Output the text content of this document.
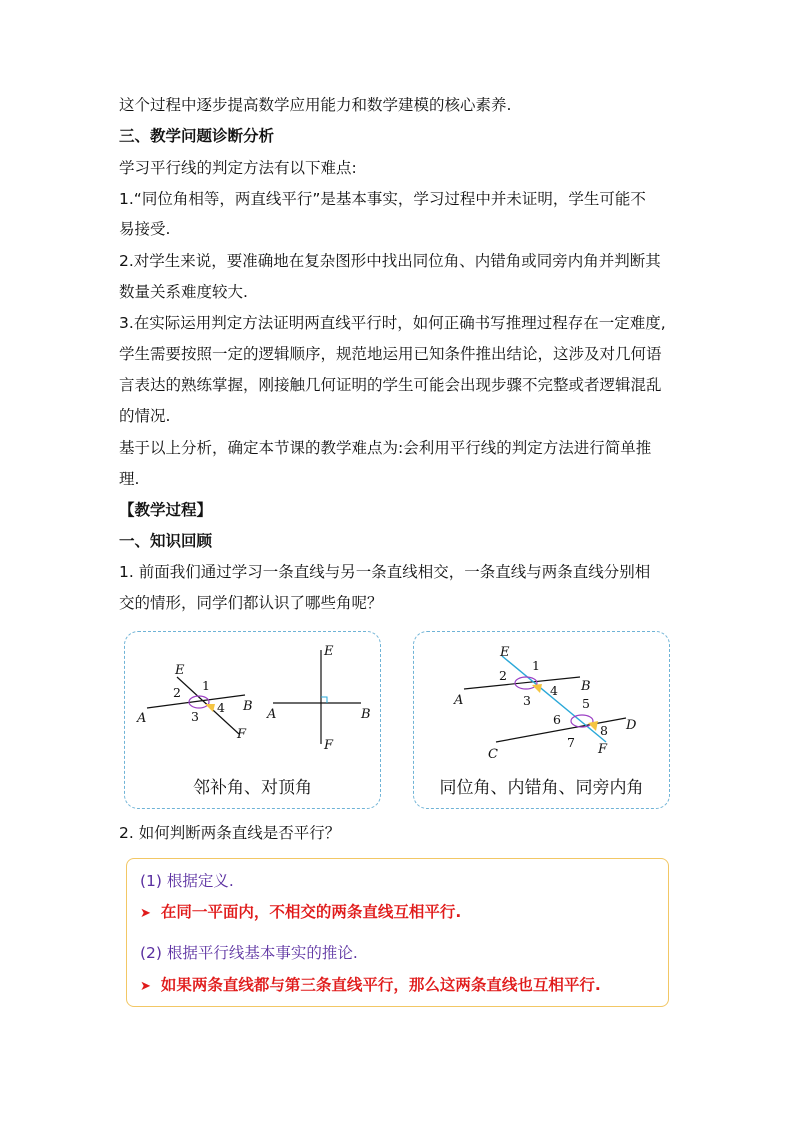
这个过程中逐步提高数学应用能力和数学建模的核心素养.

三、教学问题诊断分析

学习平行线的判定方法有以下难点:

1.“同位角相等，两直线平行”是基本事实，学习过程中并未证明，学生可能不

易接受.

2.对学生来说，要准确地在复杂图形中找出同位角、内错角或同旁内角并判断其

数量关系难度较大.

3.在实际运用判定方法证明两直线平行时，如何正确书写推理过程存在一定难度,

学生需要按照一定的逻辑顺序，规范地运用已知条件推出结论，这涉及对几何语

言表达的熟练掌握，刚接触几何证明的学生可能会出现步骤不完整或者逻辑混乱

的情况.

基于以上分析，确定本节课的教学难点为:会利用平行线的判定方法进行简单推

理.

【教学过程】

一、知识回顾

1. 前面我们通过学习一条直线与另一条直线相交，一条直线与两条直线分别相

交的情形，同学们都认识了哪些角呢？

E
A
B
F
1
2
3
4
E
A	B
F
邻补角、对顶角
E
A
B
C
D
F
1
2
3
4
5
6
7
8
同位角、内错角、同旁内角

2. 如何判断两条直线是否平行？

(1) 根据定义.
➤ 在同一平面内，不相交的两条直线互相平行.
(2) 根据平行线基本事实的推论.
➤ 如果两条直线都与第三条直线平行，那么这两条直线也互相平行.
